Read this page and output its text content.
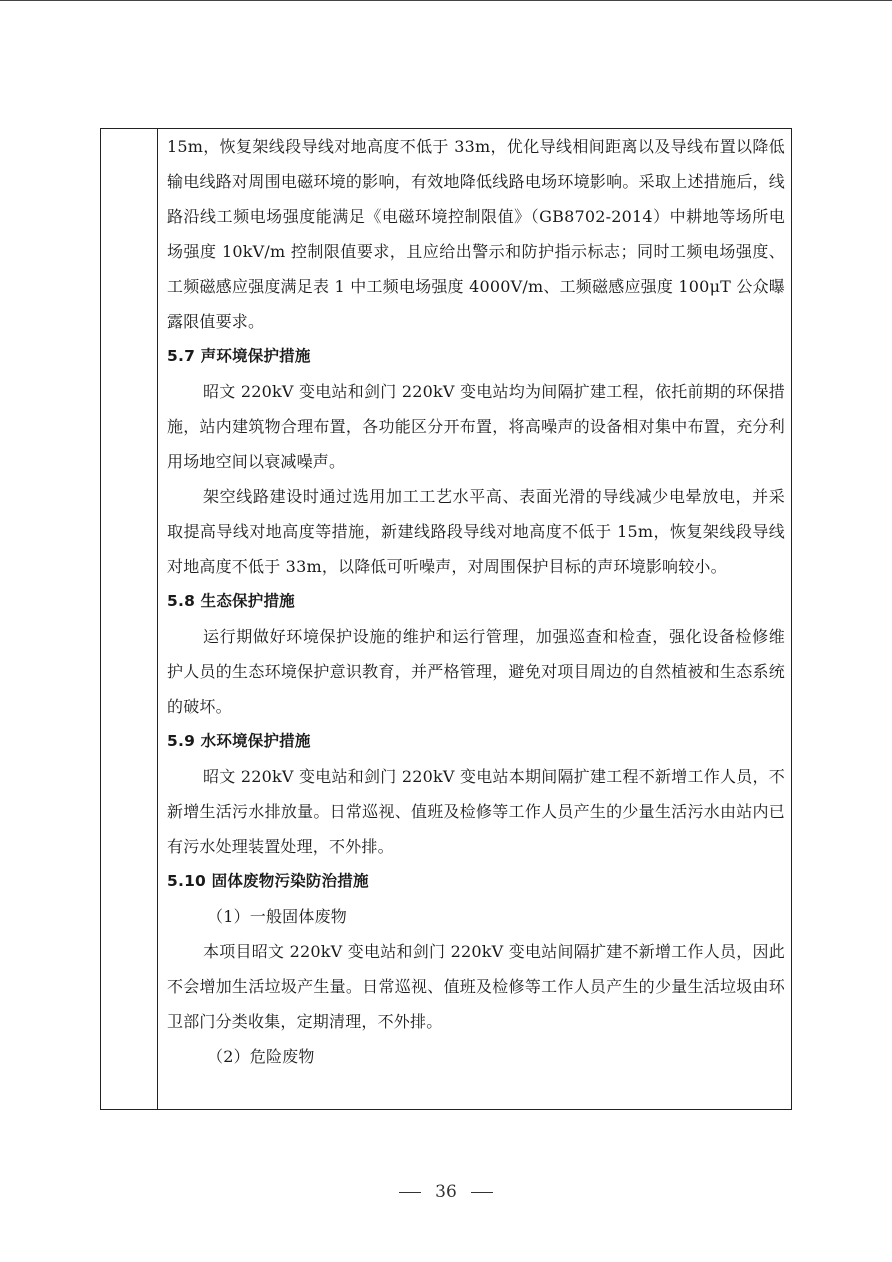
15m，恢复架线段导线对地高度不低于 33m，优化导线相间距离以及导线布置以降低输电线路对周围电磁环境的影响，有效地降低线路电场环境影响。采取上述措施后，线路沿线工频电场强度能满足《电磁环境控制限值》（GB8702-2014）中耕地等场所电场强度 10kV/m 控制限值要求，且应给出警示和防护指示标志；同时工频电场强度、工频磁感应强度满足表 1 中工频电场强度 4000V/m、工频磁感应强度 100μT 公众曝露限值要求。

5.7 声环境保护措施

昭文 220kV 变电站和剑门 220kV 变电站均为间隔扩建工程，依托前期的环保措施，站内建筑物合理布置，各功能区分开布置，将高噪声的设备相对集中布置，充分利用场地空间以衰减噪声。

架空线路建设时通过选用加工工艺水平高、表面光滑的导线减少电晕放电，并采取提高导线对地高度等措施，新建线路段导线对地高度不低于 15m，恢复架线段导线对地高度不低于 33m，以降低可听噪声，对周围保护目标的声环境影响较小。

5.8 生态保护措施

运行期做好环境保护设施的维护和运行管理，加强巡查和检查，强化设备检修维护人员的生态环境保护意识教育，并严格管理，避免对项目周边的自然植被和生态系统的破坏。

5.9 水环境保护措施

昭文 220kV 变电站和剑门 220kV 变电站本期间隔扩建工程不新增工作人员，不新增生活污水排放量。日常巡视、值班及检修等工作人员产生的少量生活污水由站内已有污水处理装置处理，不外排。

5.10 固体废物污染防治措施

（1）一般固体废物

本项目昭文 220kV 变电站和剑门 220kV 变电站间隔扩建不新增工作人员，因此不会增加生活垃圾产生量。日常巡视、值班及检修等工作人员产生的少量生活垃圾由环卫部门分类收集，定期清理，不外排。

（2）危险废物

36
